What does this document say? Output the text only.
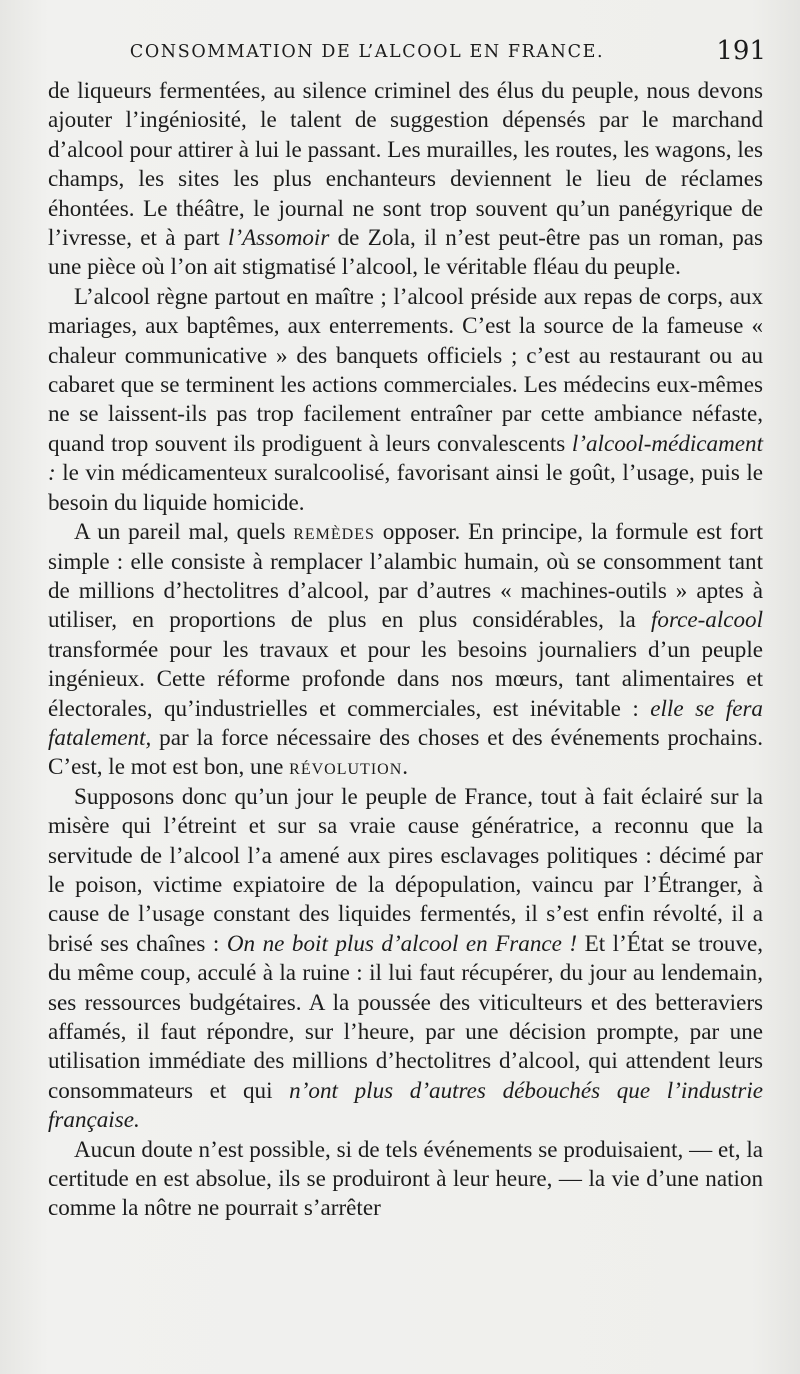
CONSOMMATION DE L’ALCOOL EN FRANCE.	191

de liqueurs fermentées, au silence criminel des élus du peuple, nous devons ajouter l’ingéniosité, le talent de suggestion dépensés par le marchand d’alcool pour attirer à lui le passant. Les murailles, les routes, les wagons, les champs, les sites les plus enchanteurs deviennent le lieu de réclames éhontées. Le théâtre, le journal ne sont trop souvent qu’un panégyrique de l’ivresse, et à part l’Assomoir de Zola, il n’est peut-être pas un roman, pas une pièce où l’on ait stigmatisé l’alcool, le véritable fléau du peuple.

L’alcool règne partout en maître ; l’alcool préside aux repas de corps, aux mariages, aux baptêmes, aux enterrements. C’est la source de la fameuse « chaleur communicative » des banquets officiels ; c’est au restaurant ou au cabaret que se terminent les actions commerciales. Les médecins eux-mêmes ne se laissent-ils pas trop facilement entraîner par cette ambiance néfaste, quand trop souvent ils prodiguent à leurs convalescents l’alcool-médicament : le vin médicamenteux suralcoolisé, favorisant ainsi le goût, l’usage, puis le besoin du liquide homicide.

A un pareil mal, quels remèdes opposer. En principe, la formule est fort simple : elle consiste à remplacer l’alambic humain, où se consomment tant de millions d’hectolitres d’alcool, par d’autres « machines-outils » aptes à utiliser, en proportions de plus en plus considérables, la force-alcool transformée pour les travaux et pour les besoins journaliers d’un peuple ingénieux. Cette réforme profonde dans nos mœurs, tant alimentaires et électorales, qu’industrielles et commerciales, est inévitable : elle se fera fatalement, par la force nécessaire des choses et des événements prochains. C’est, le mot est bon, une révolution.

Supposons donc qu’un jour le peuple de France, tout à fait éclairé sur la misère qui l’étreint et sur sa vraie cause génératrice, a reconnu que la servitude de l’alcool l’a amené aux pires esclavages politiques : décimé par le poison, victime expiatoire de la dépopulation, vaincu par l’Étranger, à cause de l’usage constant des liquides fermentés, il s’est enfin révolté, il a brisé ses chaînes : On ne boit plus d’alcool en France ! Et l’État se trouve, du même coup, acculé à la ruine : il lui faut récupérer, du jour au lendemain, ses ressources budgétaires. A la poussée des viticulteurs et des betteraviers affamés, il faut répondre, sur l’heure, par une décision prompte, par une utilisation immédiate des millions d’hectolitres d’alcool, qui attendent leurs consommateurs et qui n’ont plus d’autres débouchés que l’industrie française.

Aucun doute n’est possible, si de tels événements se produisaient, — et, la certitude en est absolue, ils se produiront à leur heure, — la vie d’une nation comme la nôtre ne pourrait s’arrêter
